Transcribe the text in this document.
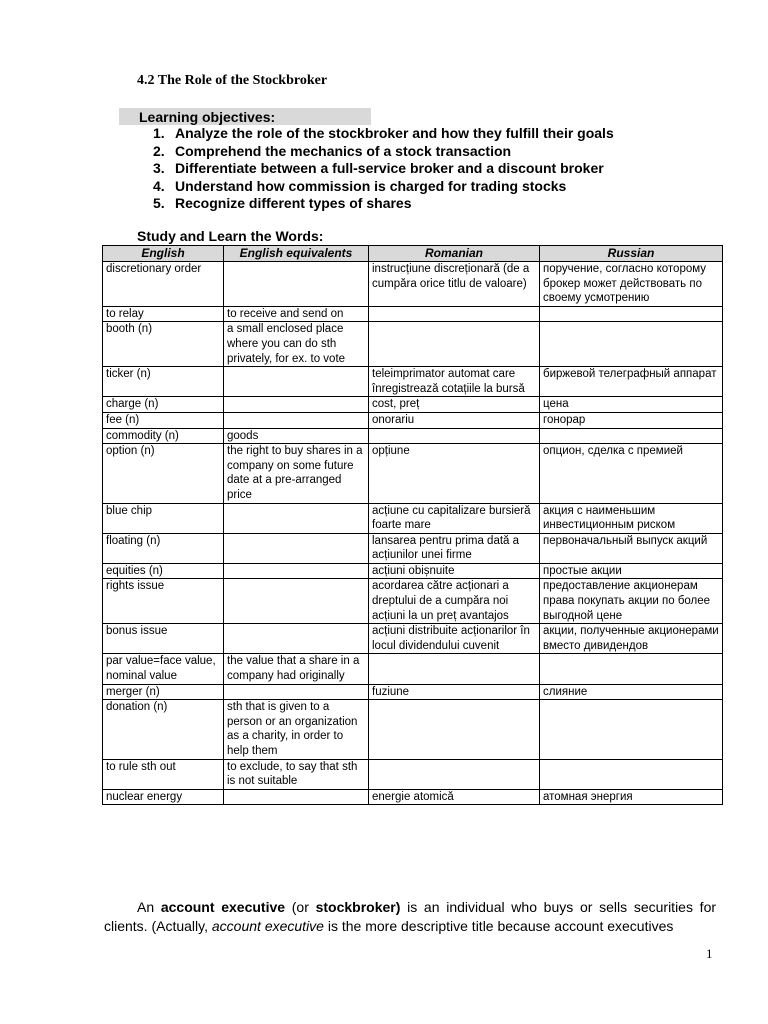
4.2 The Role of the Stockbroker
Learning objectives:
1. Analyze the role of the stockbroker and how they fulfill their goals
2. Comprehend the mechanics of a stock transaction
3. Differentiate between a full-service broker and a discount broker
4. Understand how commission is charged for trading stocks
5. Recognize different types of shares
Study and Learn the Words:
English	English equivalents	Romanian	Russian
discretionary order		instrucțiune discreționară (de a cumpăra orice titlu de valoare)	поручение, согласно которому брокер может действовать по своему усмотрению
to relay	to receive and send on		
booth (n)	a small enclosed place where you can do sth privately, for ex. to vote		
ticker (n)		teleimprimator automat care înregistrează cotațiile la bursă	биржевой телеграфный аппарат
charge (n)		cost, preț	цена
fee (n)		onorariu	гонорар
commodity (n)	goods		
option (n)	the right to buy shares in a company on some future date at a pre-arranged price	opțiune	опцион, сделка с премией
blue chip		acțiune cu capitalizare bursieră foarte mare	акция с наименьшим инвестиционным риском
floating (n)		lansarea pentru prima dată a acțiunilor unei firme	первоначальный выпуск акций
equities (n)		acțiuni obișnuite	простые акции
rights issue		acordarea către acționari a dreptului de a cumpăra noi acțiuni la un preț avantajos	предоставление акционерам права покупать акции по более выгодной цене
bonus issue		acțiuni distribuite acționarilor în locul dividendului cuvenit	акции, полученные акционерами вместо дивидендов
par value=face value, nominal value	the value that a share in a company had originally		
merger (n)		fuziune	слияние
donation (n)	sth that is given to a person or an organization as a charity, in order to help them		
to rule sth out	to exclude, to say that sth is not suitable		
nuclear energy		energie atomică	атомная энергия
An account executive (or stockbroker) is an individual who buys or sells securities for clients. (Actually, account executive is the more descriptive title because account executives
1
